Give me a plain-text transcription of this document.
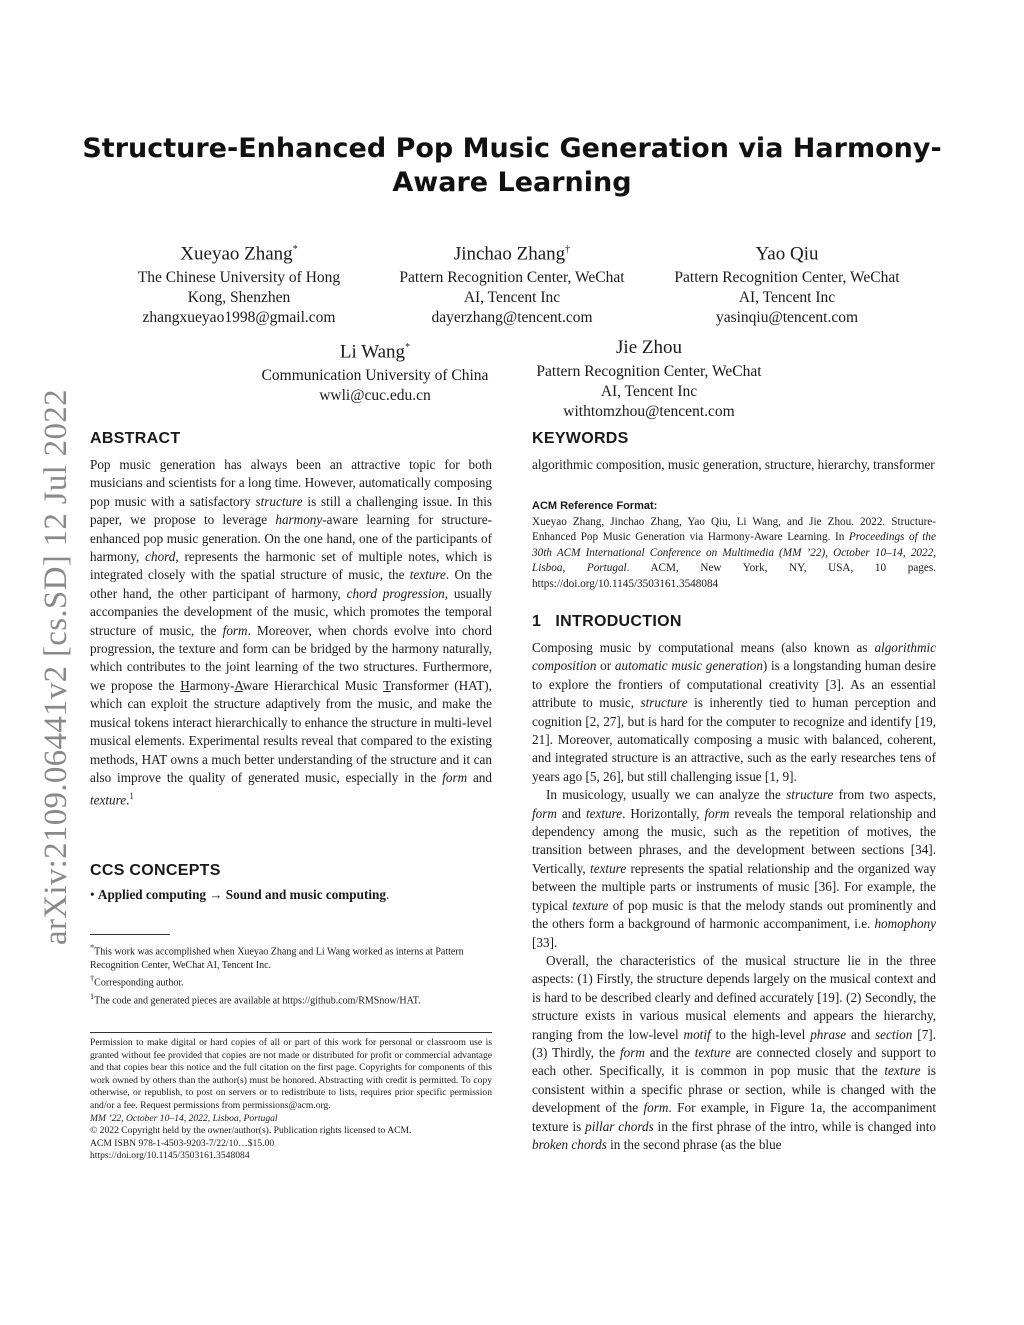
Structure-Enhanced Pop Music Generation via Harmony-Aware Learning
arXiv:2109.06441v2 [cs.SD] 12 Jul 2022
Xueyao Zhang*
The Chinese University of Hong
Kong, Shenzhen
zhangxueyao1998@gmail.com
Jinchao Zhang†
Pattern Recognition Center, WeChat
AI, Tencent Inc
dayerzhang@tencent.com
Yao Qiu
Pattern Recognition Center, WeChat
AI, Tencent Inc
yasinqiu@tencent.com
Li Wang*
Communication University of China
wwli@cuc.edu.cn
Jie Zhou
Pattern Recognition Center, WeChat
AI, Tencent Inc
withtomzhou@tencent.com
ABSTRACT

Pop music generation has always been an attractive topic for both musicians and scientists for a long time. However, automatically composing pop music with a satisfactory structure is still a challenging issue. In this paper, we propose to leverage harmony-aware learning for structure-enhanced pop music generation. On the one hand, one of the participants of harmony, chord, represents the harmonic set of multiple notes, which is integrated closely with the spatial structure of music, the texture. On the other hand, the other participant of harmony, chord progression, usually accompanies the development of the music, which promotes the temporal structure of music, the form. Moreover, when chords evolve into chord progression, the texture and form can be bridged by the harmony naturally, which contributes to the joint learning of the two structures. Furthermore, we propose the Harmony-Aware Hierarchical Music Transformer (HAT), which can exploit the structure adaptively from the music, and make the musical tokens interact hierarchically to enhance the structure in multi-level musical elements. Experimental results reveal that compared to the existing methods, HAT owns a much better understanding of the structure and it can also improve the quality of generated music, especially in the form and texture.$^1$

CCS CONCEPTS
• Applied computing → Sound and music computing.
*This work was accomplished when Xueyao Zhang and Li Wang worked as interns at Pattern Recognition Center, WeChat AI, Tencent Inc.
†Corresponding author.
$^1$The code and generated pieces are available at https://github.com/RMSnow/HAT.
Permission to make digital or hard copies of all or part of this work for personal or classroom use is granted without fee provided that copies are not made or distributed for profit or commercial advantage and that copies bear this notice and the full citation on the first page. Copyrights for components of this work owned by others than the author(s) must be honored. Abstracting with credit is permitted. To copy otherwise, or republish, to post on servers or to redistribute to lists, requires prior specific permission and/or a fee. Request permissions from permissions@acm.org.
MM ’22, October 10–14, 2022, Lisboa, Portugal
© 2022 Copyright held by the owner/author(s). Publication rights licensed to ACM.
ACM ISBN 978-1-4503-9203-7/22/10…$15.00
https://doi.org/10.1145/3503161.3548084
KEYWORDS
algorithmic composition, music generation, structure, hierarchy, transformer
ACM Reference Format:
Xueyao Zhang, Jinchao Zhang, Yao Qiu, Li Wang, and Jie Zhou. 2022. Structure-Enhanced Pop Music Generation via Harmony-Aware Learning. In Proceedings of the 30th ACM International Conference on Multimedia (MM ’22), October 10–14, 2022, Lisboa, Portugal. ACM, New York, NY, USA, 10 pages. https://doi.org/10.1145/3503161.3548084
1   INTRODUCTION

Composing music by computational means (also known as algorithmic composition or automatic music generation) is a longstanding human desire to explore the frontiers of computational creativity [3]. As an essential attribute to music, structure is inherently tied to human perception and cognition [2, 27], but is hard for the computer to recognize and identify [19, 21]. Moreover, automatically composing a music with balanced, coherent, and integrated structure is an attractive, such as the early researches tens of years ago [5, 26], but still challenging issue [1, 9].

In musicology, usually we can analyze the structure from two aspects, form and texture. Horizontally, form reveals the temporal relationship and dependency among the music, such as the repetition of motives, the transition between phrases, and the development between sections [34]. Vertically, texture represents the spatial relationship and the organized way between the multiple parts or instruments of music [36]. For example, the typical texture of pop music is that the melody stands out prominently and the others form a background of harmonic accompaniment, i.e. homophony [33].

Overall, the characteristics of the musical structure lie in the three aspects: (1) Firstly, the structure depends largely on the musical context and is hard to be described clearly and defined accurately [19]. (2) Secondly, the structure exists in various musical elements and appears the hierarchy, ranging from the low-level motif to the high-level phrase and section [7]. (3) Thirdly, the form and the texture are connected closely and support to each other. Specifically, it is common in pop music that the texture is consistent within a specific phrase or section, while is changed with the development of the form. For example, in Figure 1a, the accompaniment texture is pillar chords in the first phrase of the intro, while is changed into broken chords in the second phrase (as the blue
